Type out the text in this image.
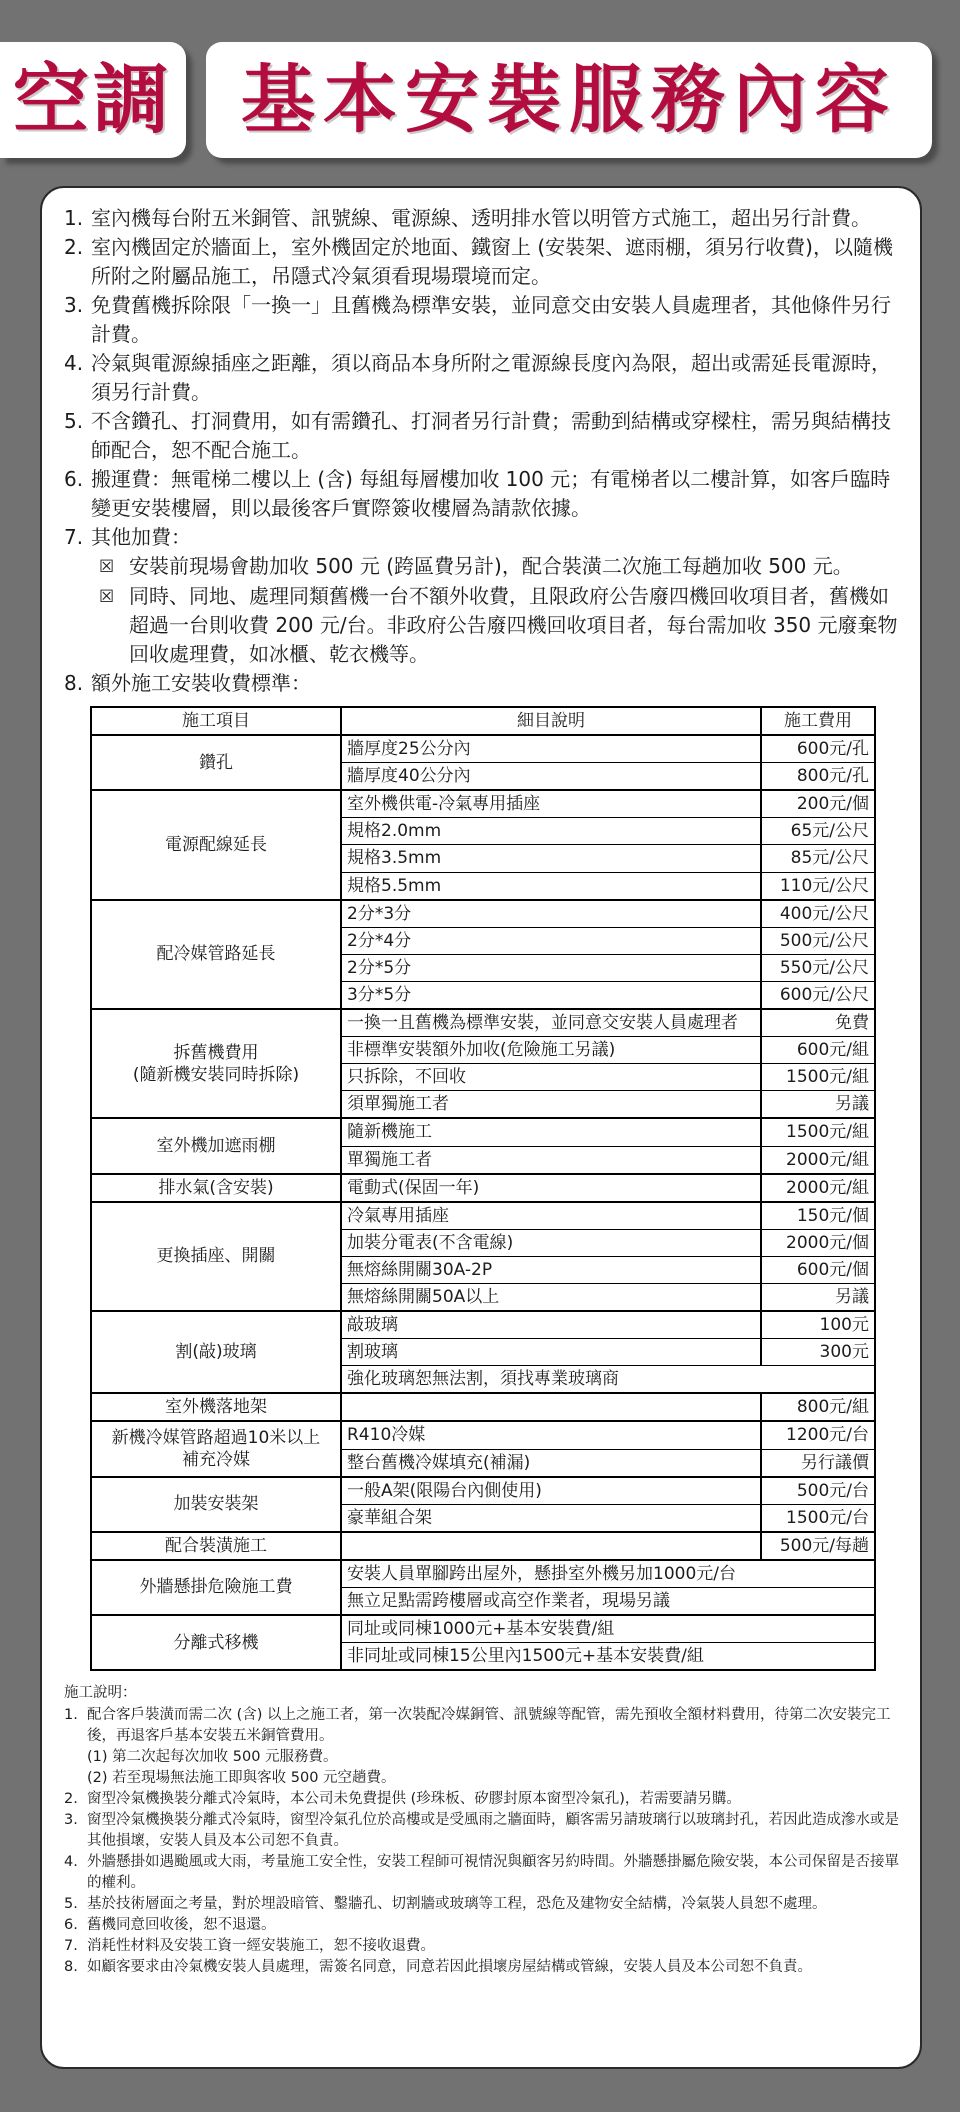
空調 基本安裝服務內容
1. 室內機每台附五米銅管、訊號線、電源線、透明排水管以明管方式施工，超出另行計費。
2. 室內機固定於牆面上，室外機固定於地面、鐵窗上 (安裝架、遮雨棚，須另行收費)，以隨機所附之附屬品施工，吊隱式冷氣須看現場環境而定。
3. 免費舊機拆除限「一換一」且舊機為標準安裝，並同意交由安裝人員處理者，其他條件另行計費。
4. 冷氣與電源線插座之距離，須以商品本身所附之電源線長度內為限，超出或需延長電源時，須另行計費。
5. 不含鑽孔、打洞費用，如有需鑽孔、打洞者另行計費；需動到結構或穿樑柱，需另與結構技師配合，恕不配合施工。
6. 搬運費：無電梯二樓以上 (含) 每組每層樓加收 100 元；有電梯者以二樓計算，如客戶臨時變更安裝樓層，則以最後客戶實際簽收樓層為請款依據。
7. 其他加費：
☒ 安裝前現場會勘加收 500 元 (跨區費另計)，配合裝潢二次施工每趟加收 500 元。
☒ 同時、同地、處理同類舊機一台不額外收費，且限政府公告廢四機回收項目者，舊機如超過一台則收費 200 元/台。非政府公告廢四機回收項目者，每台需加收 350 元廢棄物回收處理費，如冰櫃、乾衣機等。
8. 額外施工安裝收費標準：
施工項目	細目說明	施工費用

鑽孔	牆厚度25公分內	600元/孔
	牆厚度40公分內	800元/孔

電源配線延長	室外機供電-冷氣專用插座	200元/個
	規格2.0mm	65元/公尺
	規格3.5mm	85元/公尺
	規格5.5mm	110元/公尺

配冷媒管路延長	2分*3分	400元/公尺
	2分*4分	500元/公尺
	2分*5分	550元/公尺
	3分*5分	600元/公尺

拆舊機費用
(隨新機安裝同時拆除)	一換一且舊機為標準安裝，並同意交安裝人員處理者	免費
	非標準安裝額外加收(危險施工另議)	600元/組
	只拆除，不回收	1500元/組
	須單獨施工者	另議

室外機加遮雨棚	隨新機施工	1500元/組
	單獨施工者	2000元/組

排水氣(含安裝)	電動式(保固一年)	2000元/組

更換插座、開關	冷氣專用插座	150元/個
	加裝分電表(不含電線)	2000元/個
	無熔絲開關30A-2P	600元/個
	無熔絲開關50A以上	另議

割(敲)玻璃	敲玻璃	100元
	割玻璃	300元
	強化玻璃恕無法割，須找專業玻璃商	

室外機落地架		800元/組

新機冷媒管路超過10米以上
補充冷媒	R410冷媒	1200元/台
	整台舊機冷媒填充(補漏)	另行議價

加裝安裝架	一般A架(限陽台內側使用)	500元/台
	豪華組合架	1500元/台

配合裝潢施工		500元/每趟

外牆懸掛危險施工費	安裝人員單腳跨出屋外，懸掛室外機另加1000元/台	
	無立足點需跨樓層或高空作業者，現場另議	

分離式移機	同址或同棟1000元+基本安裝費/組	
	非同址或同棟15公里內1500元+基本安裝費/組	
施工說明：
1. 配合客戶裝潢而需二次 (含) 以上之施工者，第一次裝配冷媒銅管、訊號線等配管，需先預收全額材料費用，待第二次安裝完工後，再退客戶基本安裝五米銅管費用。
(1) 第二次起每次加收 500 元服務費。
(2) 若至現場無法施工即與客收 500 元空趟費。
2. 窗型冷氣機換裝分離式冷氣時，本公司未免費提供 (珍珠板、矽膠封原本窗型冷氣孔)，若需要請另購。
3. 窗型冷氣機換裝分離式冷氣時，窗型冷氣孔位於高樓或是受風雨之牆面時，顧客需另請玻璃行以玻璃封孔，若因此造成滲水或是其他損壞，安裝人員及本公司恕不負責。
4. 外牆懸掛如遇颱風或大雨，考量施工安全性，安裝工程師可視情況與顧客另約時間。外牆懸掛屬危險安裝，本公司保留是否接單的權利。
5. 基於技術層面之考量，對於埋設暗管、鑿牆孔、切割牆或玻璃等工程，恐危及建物安全結構，冷氣裝人員恕不處理。
6. 舊機同意回收後，恕不退還。
7. 消耗性材料及安裝工資一經安裝施工，恕不接收退費。
8. 如顧客要求由冷氣機安裝人員處理，需簽名同意，同意若因此損壞房屋結構或管線，安裝人員及本公司恕不負責。
